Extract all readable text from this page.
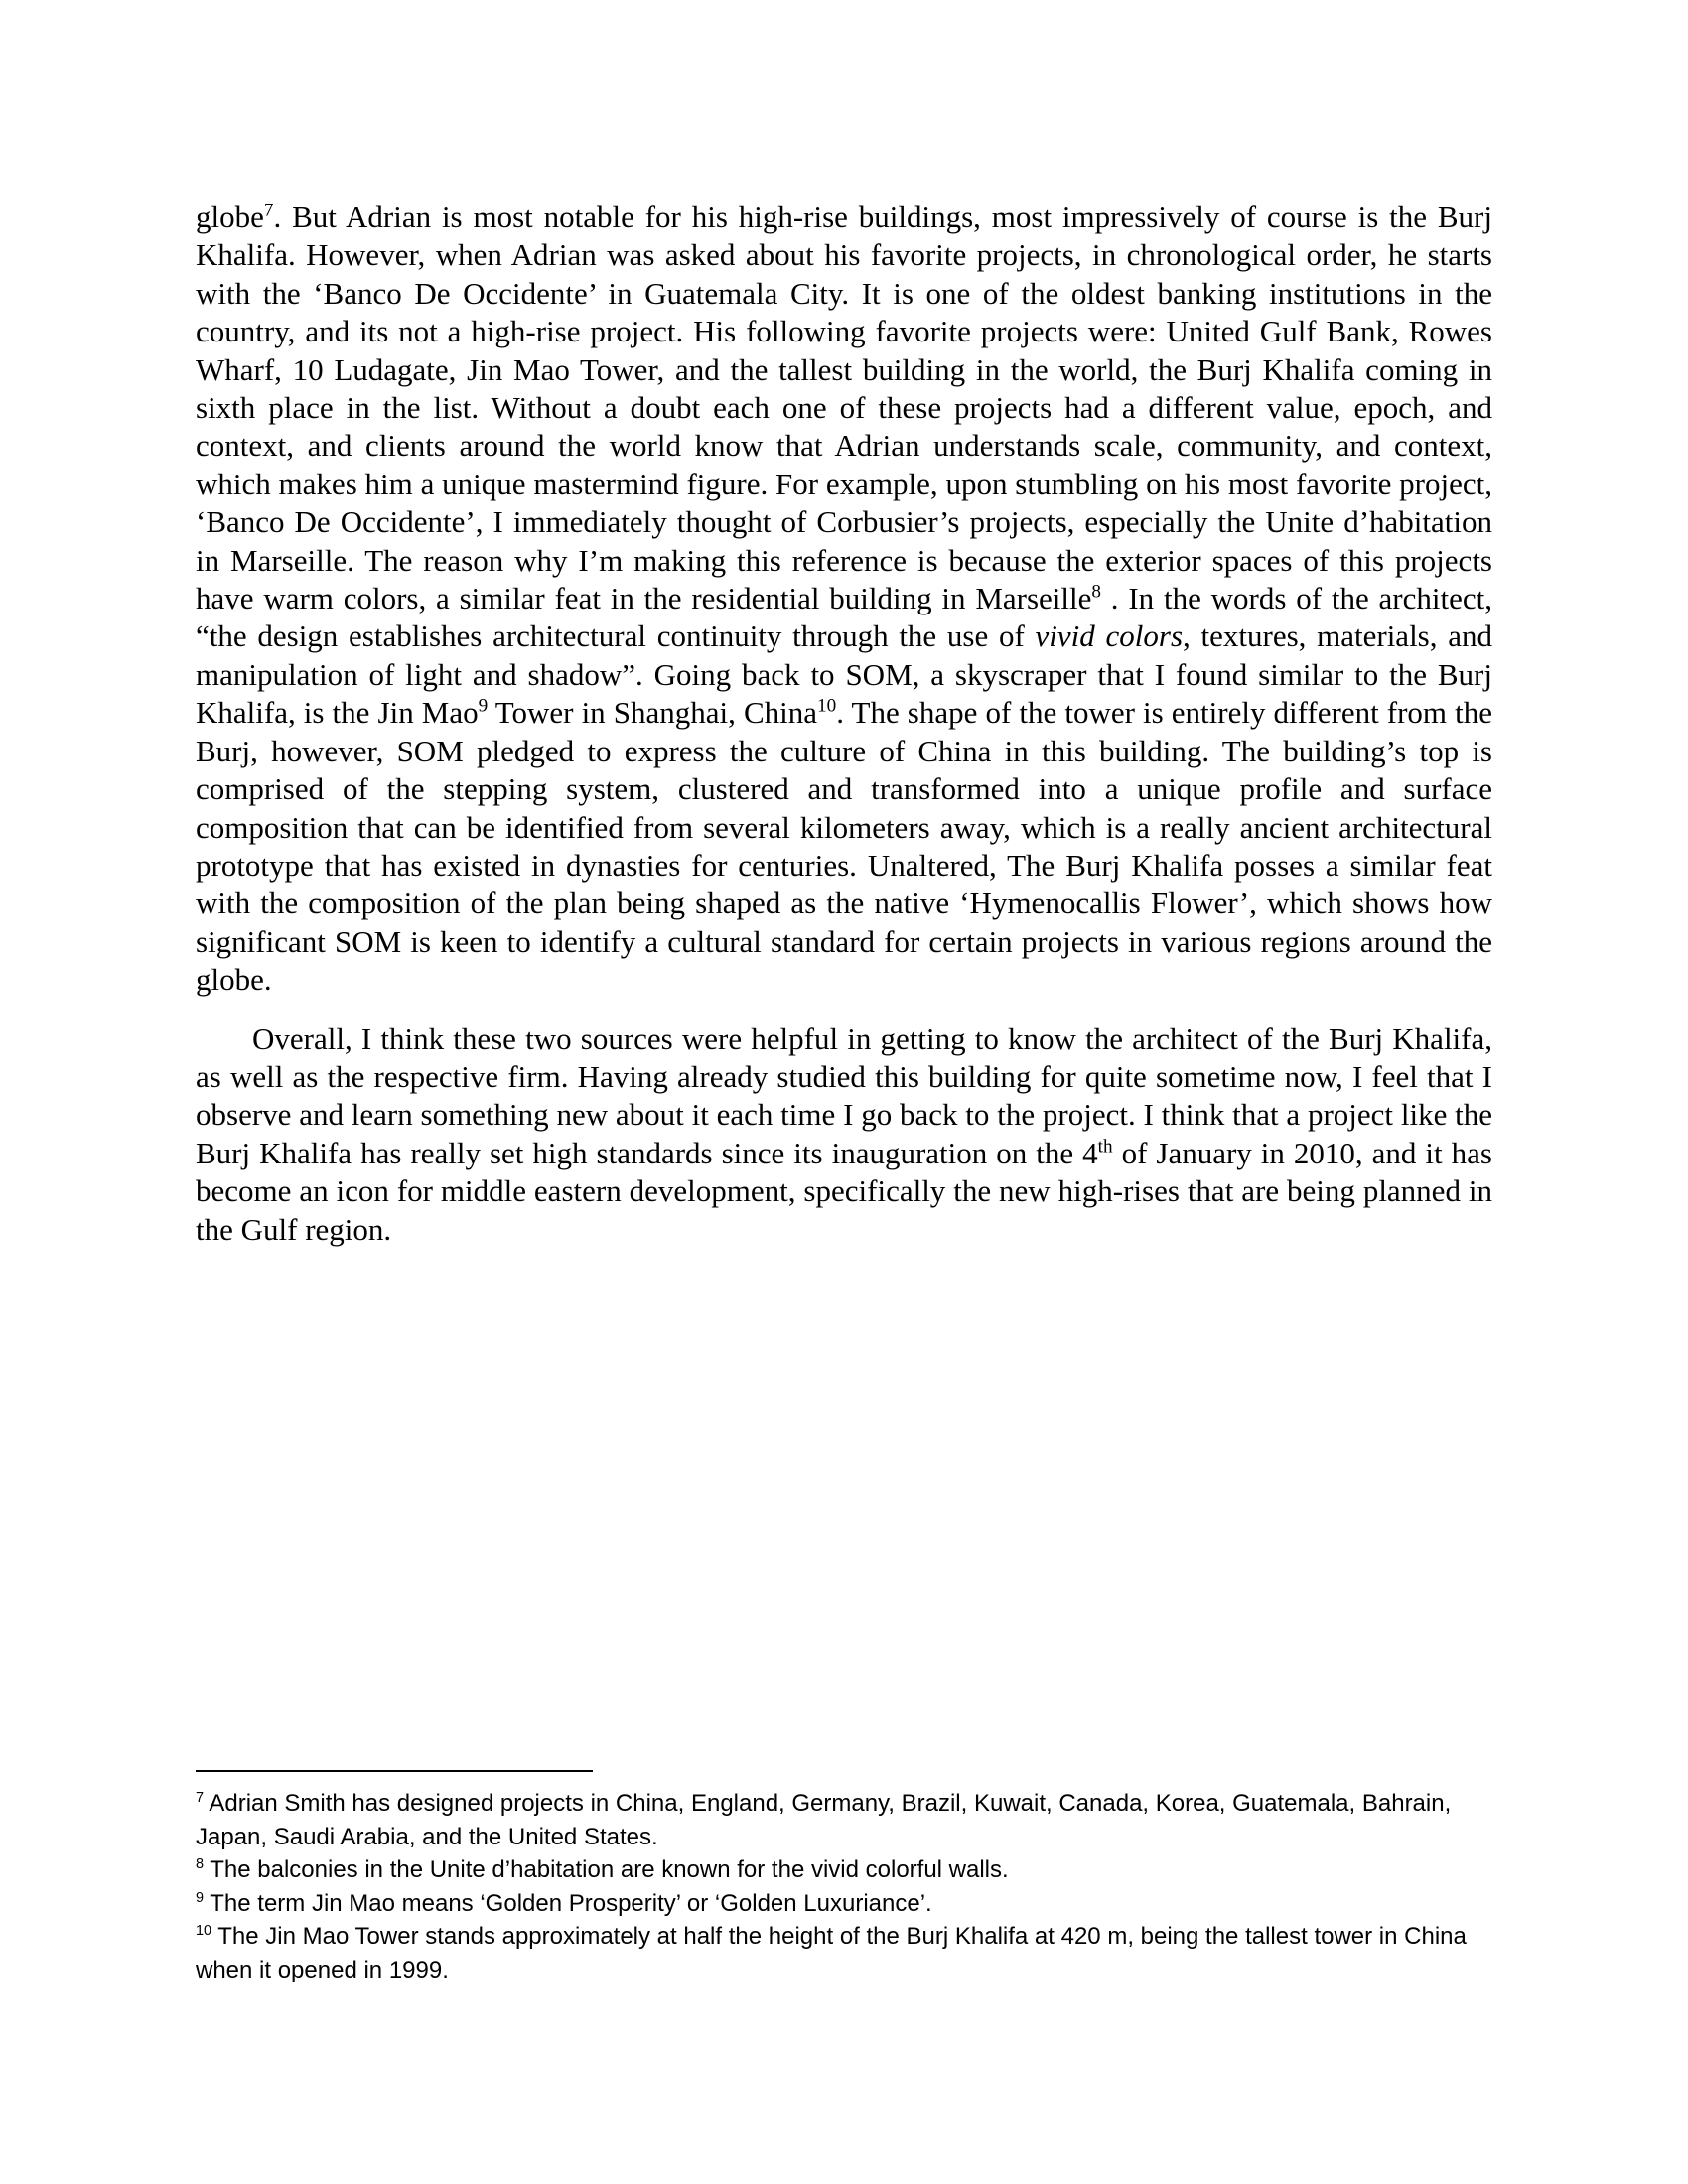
globe$^7$. But Adrian is most notable for his high-rise buildings, most impressively of course is the Burj Khalifa. However, when Adrian was asked about his favorite projects, in chronological order, he starts with the ‘Banco De Occidente’ in Guatemala City. It is one of the oldest banking institutions in the country, and its not a high-rise project. His following favorite projects were: United Gulf Bank, Rowes Wharf, 10 Ludagate, Jin Mao Tower, and the tallest building in the world, the Burj Khalifa coming in sixth place in the list. Without a doubt each one of these projects had a different value, epoch, and context, and clients around the world know that Adrian understands scale, community, and context, which makes him a unique mastermind figure. For example, upon stumbling on his most favorite project, ‘Banco De Occidente’, I immediately thought of Corbusier’s projects, especially the Unite d’habitation in Marseille. The reason why I’m making this reference is because the exterior spaces of this projects have warm colors, a similar feat in the residential building in Marseille$^8$ . In the words of the architect, “the design establishes architectural continuity through the use of vivid colors, textures, materials, and manipulation of light and shadow”. Going back to SOM, a skyscraper that I found similar to the Burj Khalifa, is the Jin Mao$^9$ Tower in Shanghai, China$^{10}$. The shape of the tower is entirely different from the Burj, however, SOM pledged to express the culture of China in this building. The building’s top is comprised of the stepping system, clustered and transformed into a unique profile and surface composition that can be identified from several kilometers away, which is a really ancient architectural prototype that has existed in dynasties for centuries. Unaltered, The Burj Khalifa posses a similar feat with the composition of the plan being shaped as the native ‘Hymenocallis Flower’, which shows how significant SOM is keen to identify a cultural standard for certain projects in various regions around the globe.

Overall, I think these two sources were helpful in getting to know the architect of the Burj Khalifa, as well as the respective firm. Having already studied this building for quite sometime now, I feel that I observe and learn something new about it each time I go back to the project. I think that a project like the Burj Khalifa has really set high standards since its inauguration on the 4th of January in 2010, and it has become an icon for middle eastern development, specifically the new high-rises that are being planned in the Gulf region.

$^7$ Adrian Smith has designed projects in China, England, Germany, Brazil, Kuwait, Canada, Korea, Guatemala, Bahrain, Japan, Saudi Arabia, and the United States.

$^8$ The balconies in the Unite d’habitation are known for the vivid colorful walls.

$^9$ The term Jin Mao means ‘Golden Prosperity’ or ‘Golden Luxuriance’.

$^{10}$ The Jin Mao Tower stands approximately at half the height of the Burj Khalifa at 420 m, being the tallest tower in China when it opened in 1999.
